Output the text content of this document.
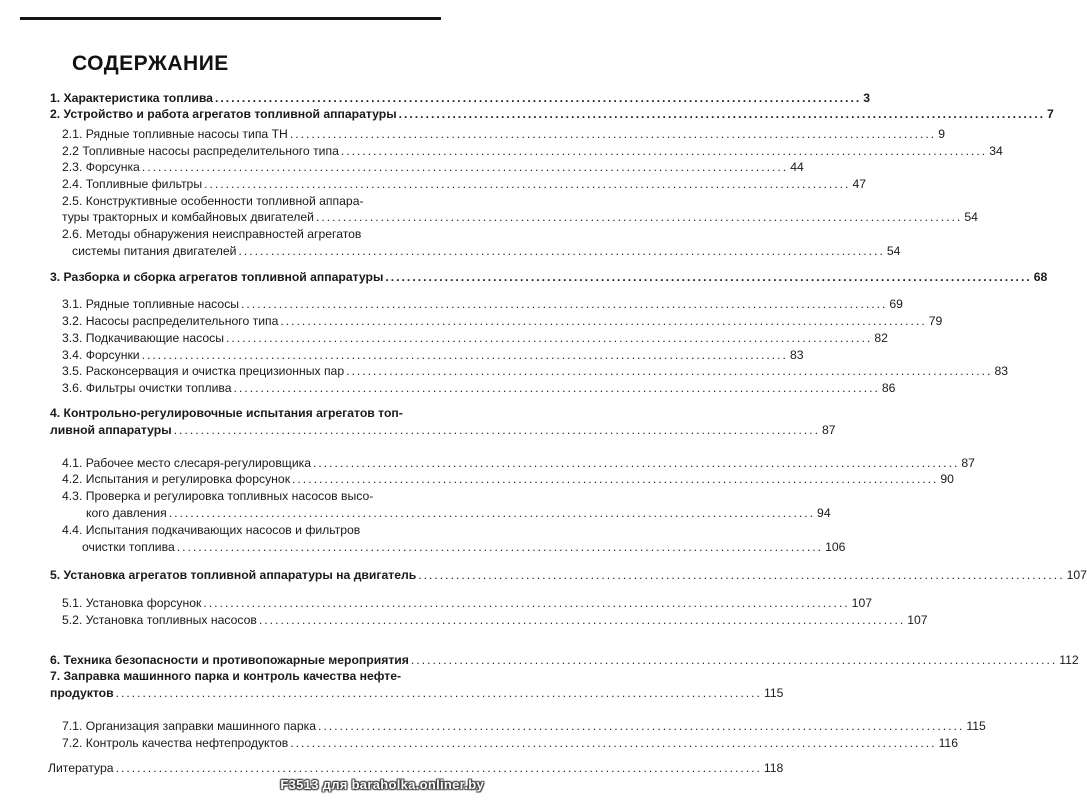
СОДЕРЖАНИЕ
1. Характеристика топлива ........................................................................................................................ 3
2. Устройство и работа агрегатов топливной аппаратуры ........................................................................................................................ 7
2.1. Рядные топливные насосы типа ТН ........................................................................................................................ 9
2.2 Топливные насосы распределительного типа ........................................................................................................................ 34
2.3. Форсунка ........................................................................................................................ 44
2.4. Топливные фильтры ........................................................................................................................ 47
2.5. Конструктивные особенности топливной аппара-
туры тракторных и комбайновых двигателей ........................................................................................................................ 54
2.6. Методы обнаружения неисправностей агрегатов
системы питания двигателей ........................................................................................................................ 54
3. Разборка и сборка агрегатов топливной аппаратуры ........................................................................................................................ 68
3.1. Рядные топливные насосы ........................................................................................................................ 69
3.2. Насосы распределительного типа ........................................................................................................................ 79
3.3. Подкачивающие насосы ........................................................................................................................ 82
3.4. Форсунки ........................................................................................................................ 83
3.5. Расконсервация и очистка прецизионных пар ........................................................................................................................ 83
3.6. Фильтры очистки топлива ........................................................................................................................ 86
4. Контрольно-регулировочные испытания агрегатов топ-
ливной аппаратуры ........................................................................................................................ 87
4.1. Рабочее место слесаря-регулировщика ........................................................................................................................ 87
4.2. Испытания и регулировка форсунок ........................................................................................................................ 90
4.3. Проверка и регулировка топливных насосов высо-
кого давления ........................................................................................................................ 94
4.4. Испытания подкачивающих насосов и фильтров
очистки топлива ........................................................................................................................ 106
5. Установка агрегатов топливной аппаратуры на двигатель ........................................................................................................................ 107
5.1. Установка форсунок ........................................................................................................................ 107
5.2. Установка топливных насосов ........................................................................................................................ 107
6. Техника безопасности и противопожарные мероприятия ........................................................................................................................ 112
7. Заправка машинного парка и контроль качества нефте-
продуктов ........................................................................................................................ 115
7.1. Организация заправки машинного парка ........................................................................................................................ 115
7.2. Контроль качества нефтепродуктов ........................................................................................................................ 116
Литература ........................................................................................................................ 118
F3513 для baraholka.onliner.by
